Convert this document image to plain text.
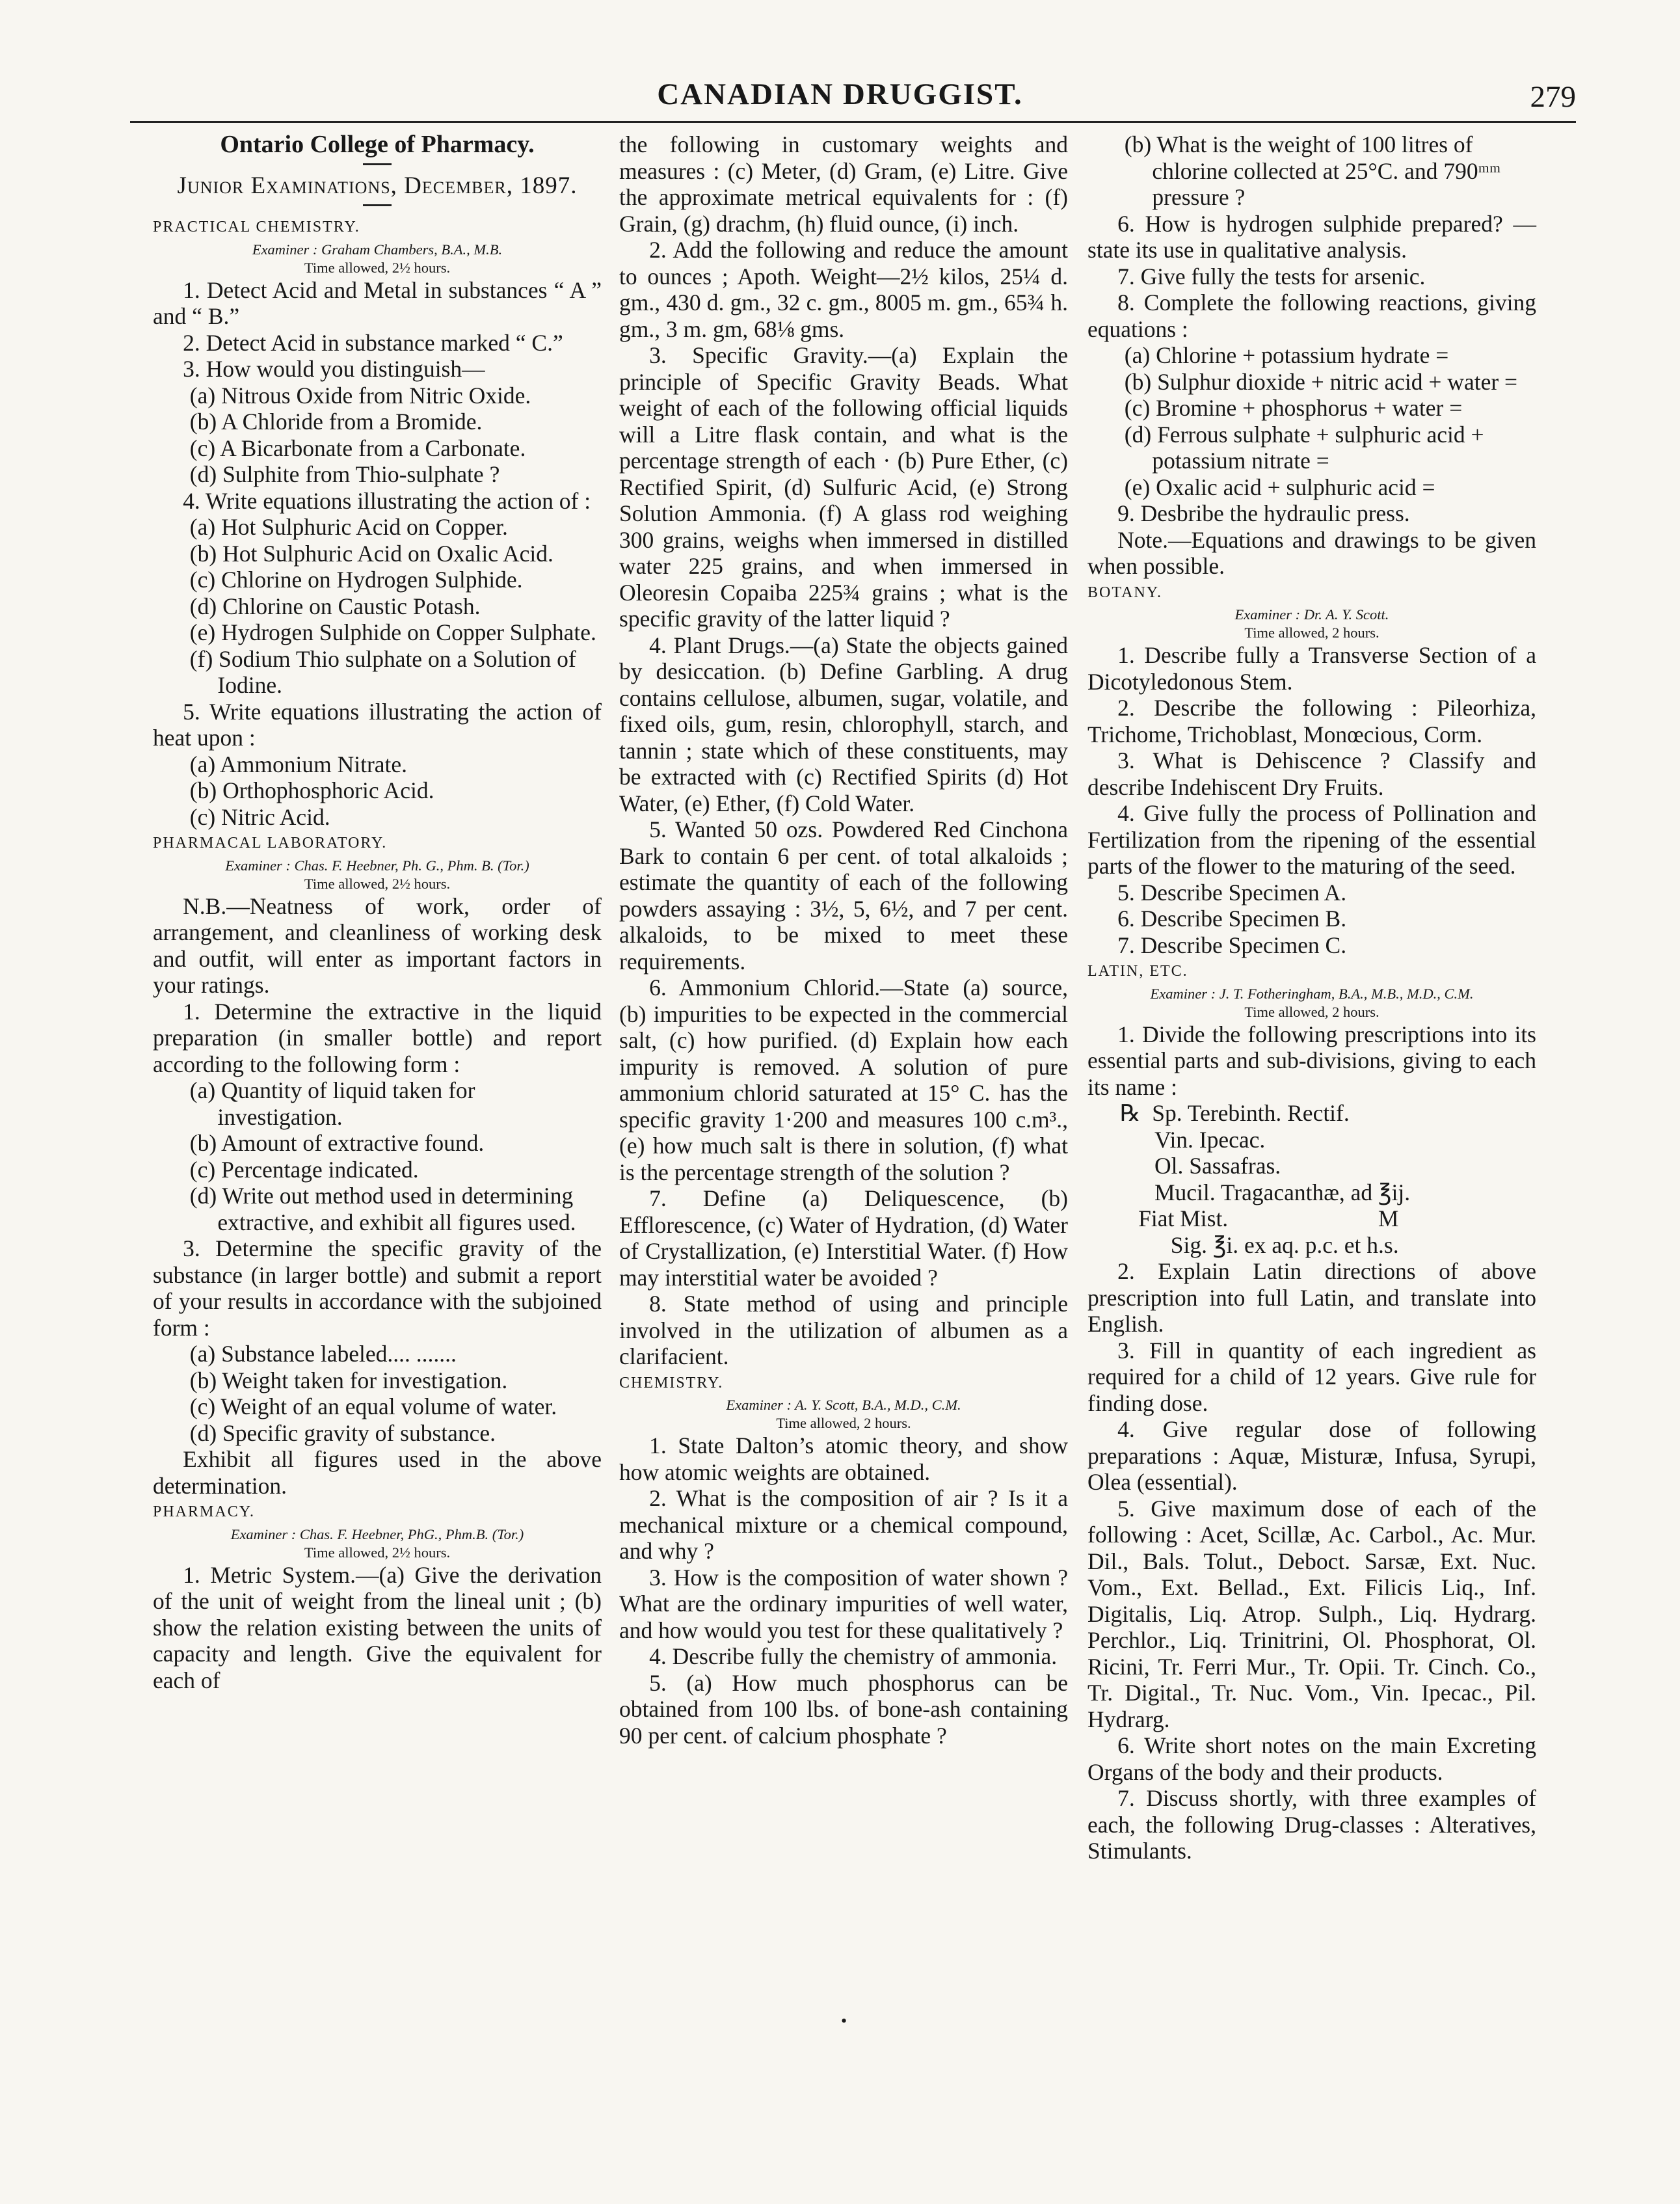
CANADIAN DRUGGIST.	279

Ontario College of Pharmacy.

Junior Examinations, December, 1897.

PRACTICAL CHEMISTRY.

Examiner : Graham Chambers, B.A., M.B.

Time allowed, 2½ hours.

1. Detect Acid and Metal in substances “ A ” and “ B.”

2. Detect Acid in substance marked “ C.”

3. How would you distinguish—

(a) Nitrous Oxide from Nitric Oxide.

(b) A Chloride from a Bromide.

(c) A Bicarbonate from a Carbonate.

(d) Sulphite from Thio-sulphate ?

4. Write equations illustrating the action of :

(a) Hot Sulphuric Acid on Copper.

(b) Hot Sulphuric Acid on Oxalic Acid.

(c) Chlorine on Hydrogen Sulphide.

(d) Chlorine on Caustic Potash.

(e) Hydrogen Sulphide on Copper Sulphate.

(f) Sodium Thio sulphate on a Solution of Iodine.

5. Write equations illustrating the action of heat upon :

(a) Ammonium Nitrate.

(b) Orthophosphoric Acid.

(c) Nitric Acid.

PHARMACAL LABORATORY.

Examiner : Chas. F. Heebner, Ph. G., Phm. B. (Tor.)

Time allowed, 2½ hours.

N.B.—Neatness of work, order of arrangement, and cleanliness of working desk and outfit, will enter as important factors in your ratings.

1. Determine the extractive in the liquid preparation (in smaller bottle) and report according to the following form :

(a) Quantity of liquid taken for investigation.

(b) Amount of extractive found.

(c) Percentage indicated.

(d) Write out method used in determining extractive, and exhibit all figures used.

3. Determine the specific gravity of the substance (in larger bottle) and submit a report of your results in accordance with the subjoined form :

(a) Substance labeled.... .......

(b) Weight taken for investigation.

(c) Weight of an equal volume of water.

(d) Specific gravity of substance.

Exhibit all figures used in the above determination.

PHARMACY.

Examiner : Chas. F. Heebner, PhG., Phm.B. (Tor.)

Time allowed, 2½ hours.

1. Metric System.—(a) Give the derivation of the unit of weight from the lineal unit ; (b) show the relation existing between the units of capacity and length. Give the equivalent for each of

the following in customary weights and measures : (c) Meter, (d) Gram, (e) Litre. Give the approximate metrical equivalents for : (f) Grain, (g) drachm, (h) fluid ounce, (i) inch.

2. Add the following and reduce the amount to ounces ; Apoth. Weight—2½ kilos, 25¼ d. gm., 430 d. gm., 32 c. gm., 8005 m. gm., 65¾ h. gm., 3 m. gm, 68⅛ gms.

3. Specific Gravity.—(a) Explain the principle of Specific Gravity Beads. What weight of each of the following official liquids will a Litre flask contain, and what is the percentage strength of each · (b) Pure Ether, (c) Rectified Spirit, (d) Sulfuric Acid, (e) Strong Solution Ammonia. (f) A glass rod weighing 300 grains, weighs when immersed in distilled water 225 grains, and when immersed in Oleoresin Copaiba 225¾ grains ; what is the specific gravity of the latter liquid ?

4. Plant Drugs.—(a) State the objects gained by desiccation. (b) Define Garbling. A drug contains cellulose, albumen, sugar, volatile, and fixed oils, gum, resin, chlorophyll, starch, and tannin ; state which of these constituents, may be extracted with (c) Rectified Spirits (d) Hot Water, (e) Ether, (f) Cold Water.

5. Wanted 50 ozs. Powdered Red Cinchona Bark to contain 6 per cent. of total alkaloids ; estimate the quantity of each of the following powders assaying : 3½, 5, 6½, and 7 per cent. alkaloids, to be mixed to meet these requirements.

6. Ammonium Chlorid.—State (a) source, (b) impurities to be expected in the commercial salt, (c) how purified. (d) Explain how each impurity is removed. A solution of pure ammonium chlorid saturated at 15° C. has the specific gravity 1·200 and measures 100 c.m³., (e) how much salt is there in solution, (f) what is the percentage strength of the solution ?

7. Define (a) Deliquescence, (b) Efflorescence, (c) Water of Hydration, (d) Water of Crystallization, (e) Interstitial Water. (f) How may interstitial water be avoided ?

8. State method of using and principle involved in the utilization of albumen as a clarifacient.

CHEMISTRY.

Examiner : A. Y. Scott, B.A., M.D., C.M.

Time allowed, 2 hours.

1. State Dalton’s atomic theory, and show how atomic weights are obtained.

2. What is the composition of air ? Is it a mechanical mixture or a chemical compound, and why ?

3. How is the composition of water shown ? What are the ordinary impurities of well water, and how would you test for these qualitatively ?

4. Describe fully the chemistry of ammonia.

5. (a) How much phosphorus can be obtained from 100 lbs. of bone-ash containing 90 per cent. of calcium phosphate ?

(b) What is the weight of 100 litres of chlorine collected at 25°C. and 790ᵐᵐ pressure ?

6. How is hydrogen sulphide prepared? —state its use in qualitative analysis.

7. Give fully the tests for arsenic.

8. Complete the following reactions, giving equations :

(a) Chlorine + potassium hydrate =

(b) Sulphur dioxide + nitric acid + water =

(c) Bromine + phosphorus + water =

(d) Ferrous sulphate + sulphuric acid + potassium nitrate =

(e) Oxalic acid + sulphuric acid =

9. Desbribe the hydraulic press.

Note.—Equations and drawings to be given when possible.

BOTANY.

Examiner : Dr. A. Y. Scott.

Time allowed, 2 hours.

1. Describe fully a Transverse Section of a Dicotyledonous Stem.

2. Describe the following : Pileorhiza, Trichome, Trichoblast, Monœcious, Corm.

3. What is Dehiscence ? Classify and describe Indehiscent Dry Fruits.

4. Give fully the process of Pollination and Fertilization from the ripening of the essential parts of the flower to the maturing of the seed.

5. Describe Specimen A.

6. Describe Specimen B.

7. Describe Specimen C.

LATIN, ETC.

Examiner : J. T. Fotheringham, B.A., M.B., M.D., C.M.

Time allowed, 2 hours.

1. Divide the following prescriptions into its essential parts and sub-divisions, giving to each its name :

℞  Sp. Terebinth. Rectif.

Vin. Ipecac.

Ol. Sassafras.

Mucil. Tragacanthæ, ad ℥ij.

Fiat Mist.                          M

Sig. ℥i. ex aq. p.c. et h.s.

2. Explain Latin directions of above prescription into full Latin, and translate into English.

3. Fill in quantity of each ingredient as required for a child of 12 years. Give rule for finding dose.

4. Give regular dose of following preparations : Aquæ, Misturæ, Infusa, Syrupi, Olea (essential).

5. Give maximum dose of each of the following : Acet, Scillæ, Ac. Carbol., Ac. Mur. Dil., Bals. Tolut., Deboct. Sarsæ, Ext. Nuc. Vom., Ext. Bellad., Ext. Filicis Liq., Inf. Digitalis, Liq. Atrop. Sulph., Liq. Hydrarg. Perchlor., Liq. Trinitrini, Ol. Phosphorat, Ol. Ricini, Tr. Ferri Mur., Tr. Opii. Tr. Cinch. Co., Tr. Digital., Tr. Nuc. Vom., Vin. Ipecac., Pil. Hydrarg.

6. Write short notes on the main Excreting Organs of the body and their products.

7. Discuss shortly, with three examples of each, the following Drug-classes : Alteratives, Stimulants.

•
